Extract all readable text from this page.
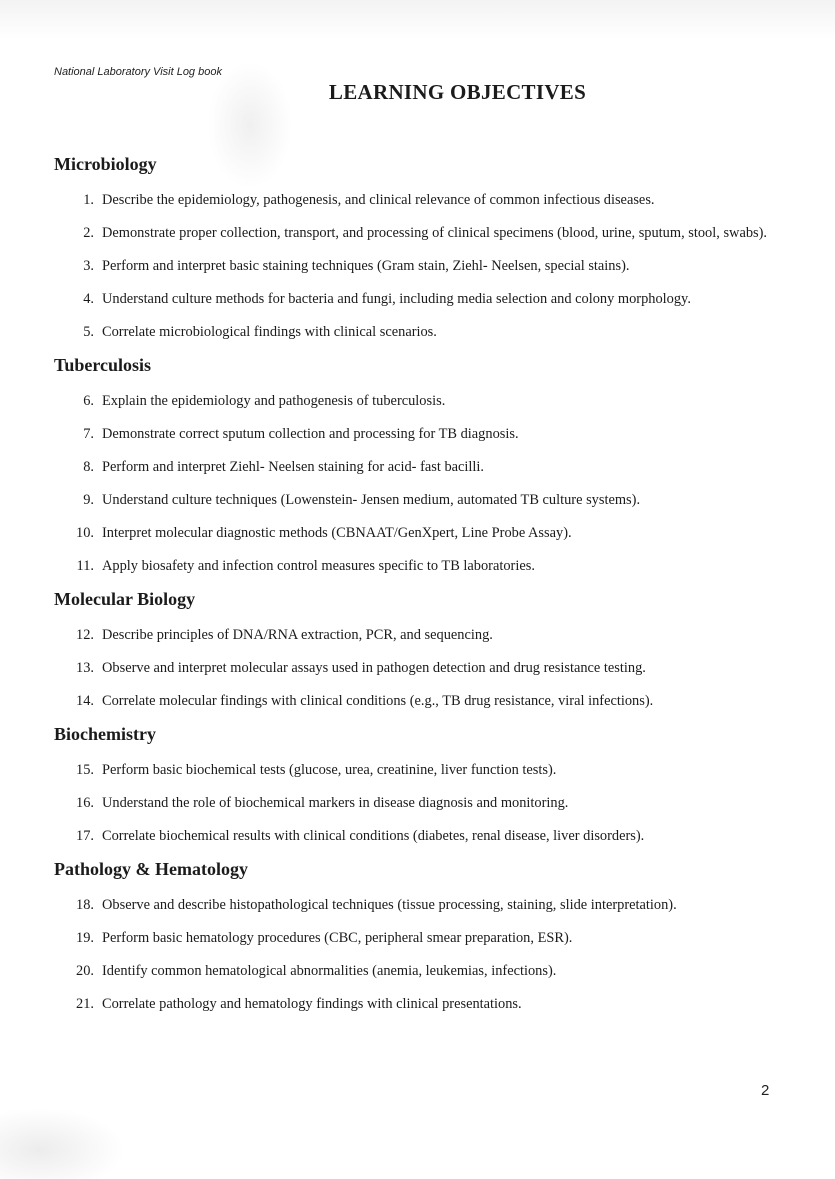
National Laboratory Visit Log book
LEARNING OBJECTIVES
Microbiology
1. Describe the epidemiology, pathogenesis, and clinical relevance of common infectious diseases.
2. Demonstrate proper collection, transport, and processing of clinical specimens (blood, urine, sputum, stool, swabs).
3. Perform and interpret basic staining techniques (Gram stain, Ziehl- Neelsen, special stains).
4. Understand culture methods for bacteria and fungi, including media selection and colony morphology.
5. Correlate microbiological findings with clinical scenarios.
Tuberculosis
6. Explain the epidemiology and pathogenesis of tuberculosis.
7. Demonstrate correct sputum collection and processing for TB diagnosis.
8. Perform and interpret Ziehl- Neelsen staining for acid- fast bacilli.
9. Understand culture techniques (Lowenstein- Jensen medium, automated TB culture systems).
10. Interpret molecular diagnostic methods (CBNAAT/GenXpert, Line Probe Assay).
11. Apply biosafety and infection control measures specific to TB laboratories.
Molecular Biology
12. Describe principles of DNA/RNA extraction, PCR, and sequencing.
13. Observe and interpret molecular assays used in pathogen detection and drug resistance testing.
14. Correlate molecular findings with clinical conditions (e.g., TB drug resistance, viral infections).
Biochemistry
15. Perform basic biochemical tests (glucose, urea, creatinine, liver function tests).
16. Understand the role of biochemical markers in disease diagnosis and monitoring.
17. Correlate biochemical results with clinical conditions (diabetes, renal disease, liver disorders).
Pathology & Hematology
18. Observe and describe histopathological techniques (tissue processing, staining, slide interpretation).
19. Perform basic hematology procedures (CBC, peripheral smear preparation, ESR).
20. Identify common hematological abnormalities (anemia, leukemias, infections).
21. Correlate pathology and hematology findings with clinical presentations.
2
